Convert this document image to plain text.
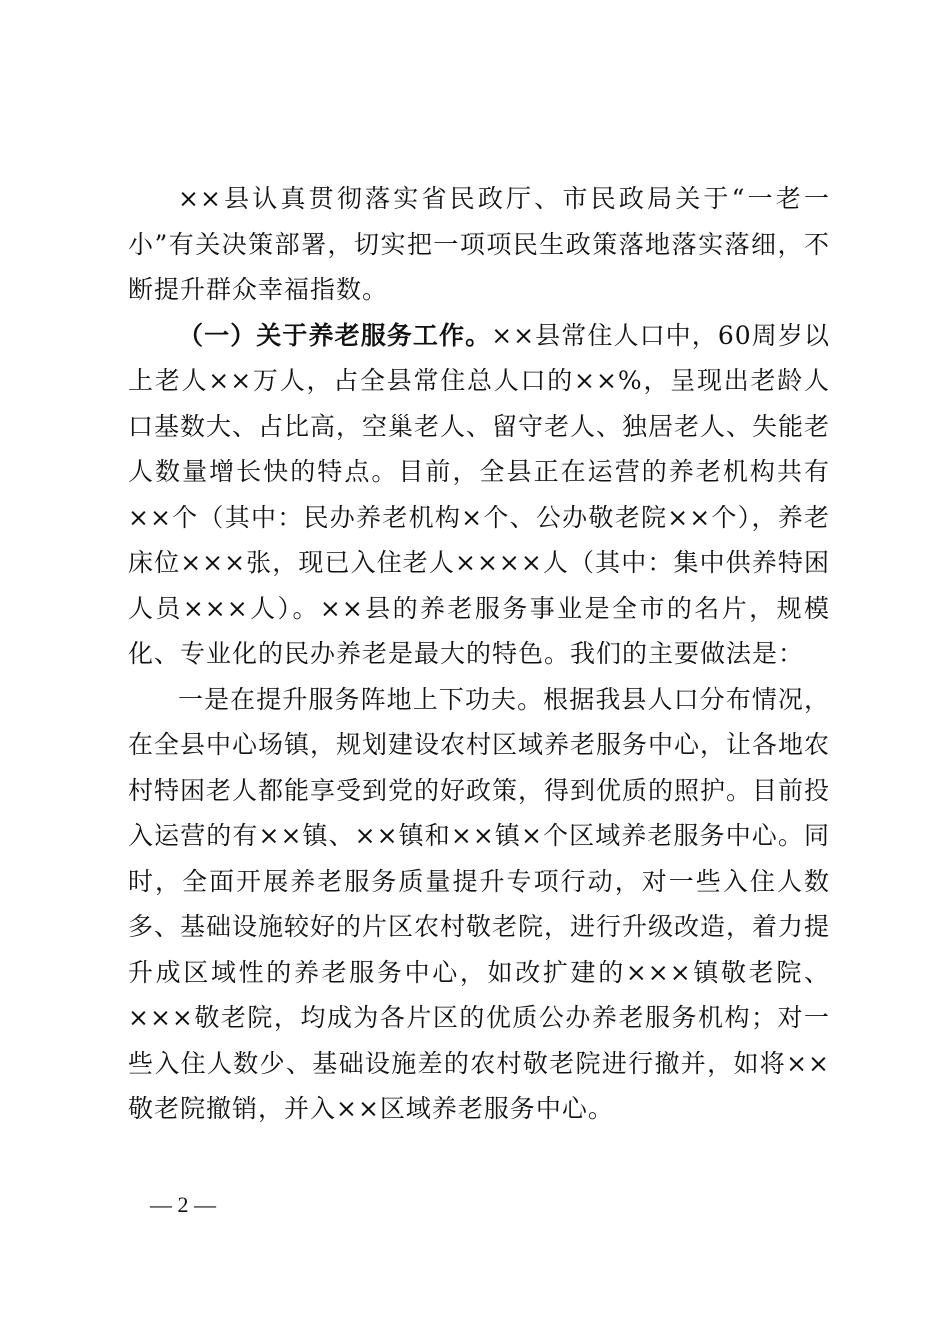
××县认真贯彻落实省民政厅、市民政局关于“一老一小”有关决策部署，切实把一项项民生政策落地落实落细，不断提升群众幸福指数。

（一）关于养老服务工作。××县常住人口中，60周岁以上老人××万人，占全县常住总人口的××%，呈现出老龄人口基数大、占比高，空巢老人、留守老人、独居老人、失能老人数量增长快的特点。目前，全县正在运营的养老机构共有××个（其中：民办养老机构×个、公办敬老院××个），养老床位×××张，现已入住老人××××人（其中：集中供养特困人员×××人）。××县的养老服务事业是全市的名片，规模化、专业化的民办养老是最大的特色。我们的主要做法是：

一是在提升服务阵地上下功夫。根据我县人口分布情况，在全县中心场镇，规划建设农村区域养老服务中心，让各地农村特困老人都能享受到党的好政策，得到优质的照护。目前投入运营的有××镇、××镇和××镇×个区域养老服务中心。同时，全面开展养老服务质量提升专项行动，对一些入住人数多、基础设施较好的片区农村敬老院，进行升级改造，着力提升成区域性的养老服务中心，如改扩建的×××镇敬老院、×××敬老院，均成为各片区的优质公办养老服务机构；对一些入住人数少、基础设施差的农村敬老院进行撤并，如将××敬老院撤销，并入××区域养老服务中心。

— 2 —
